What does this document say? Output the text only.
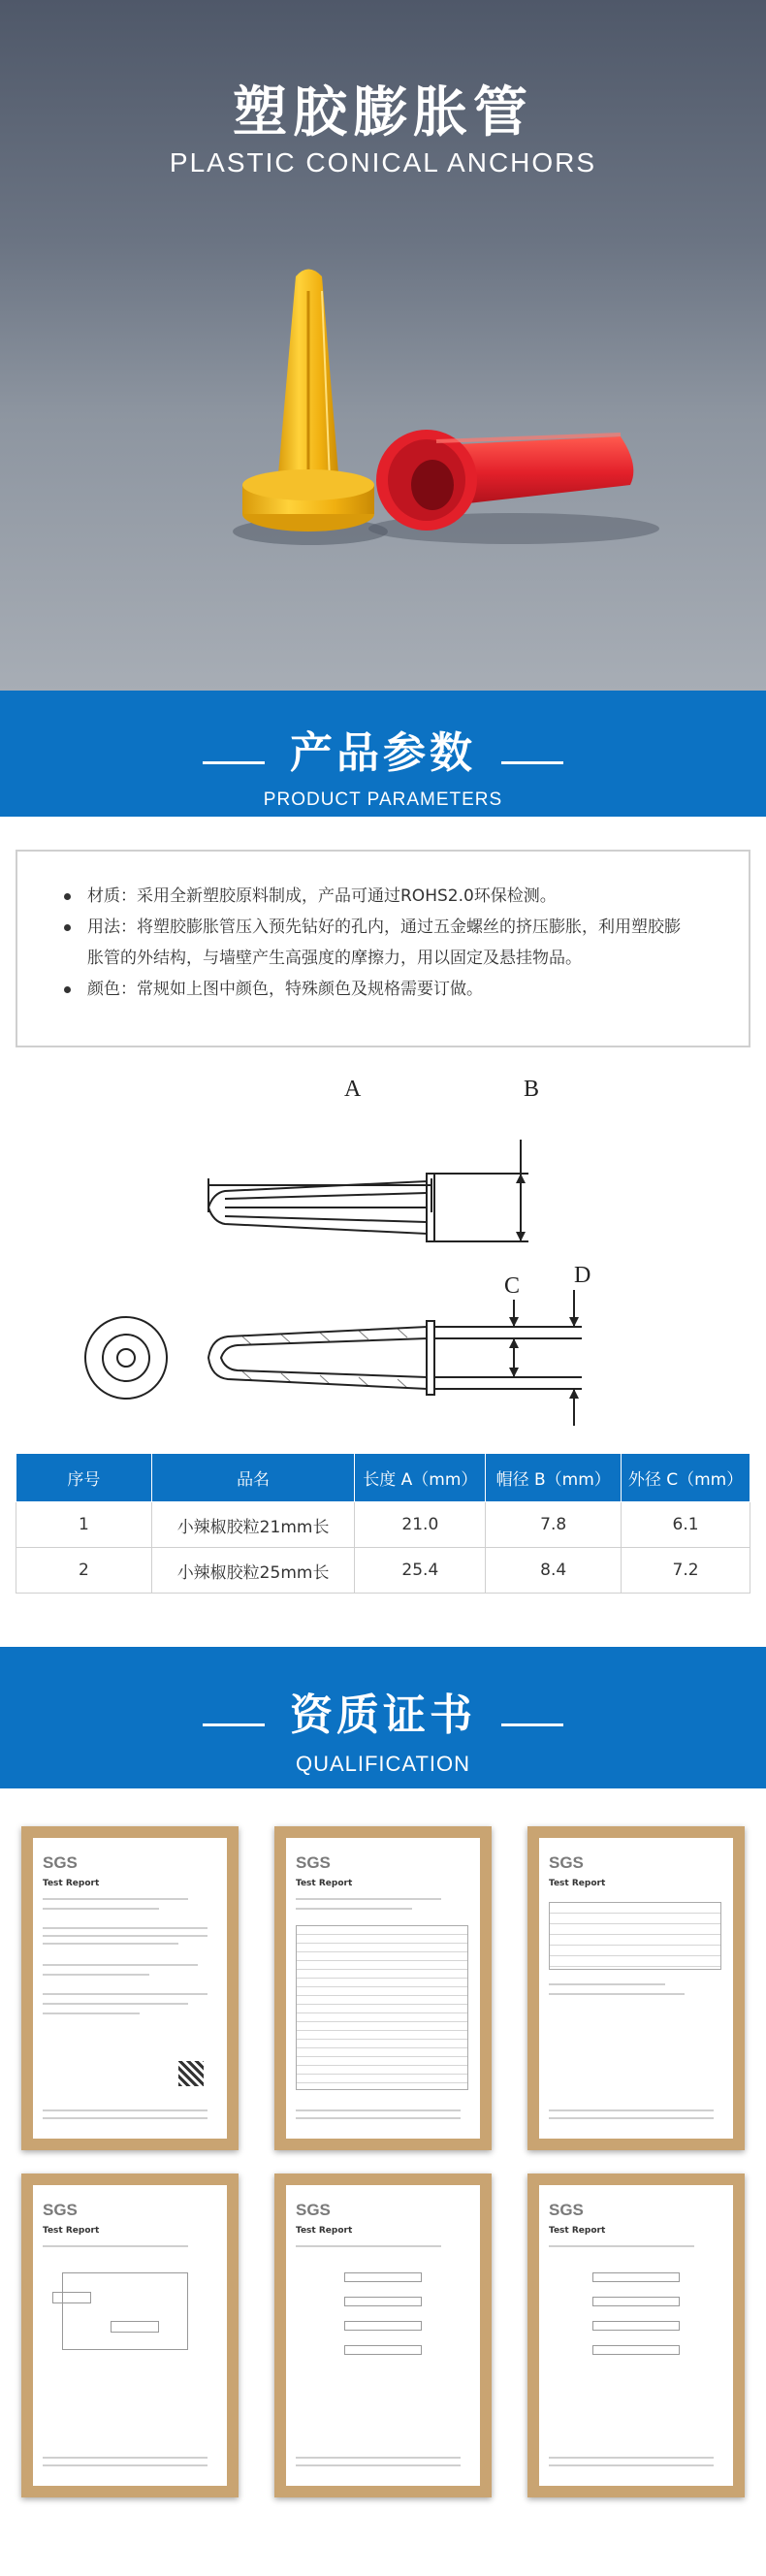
塑胶膨胀管
PLASTIC CONICAL ANCHORS
产品参数
PRODUCT PARAMETERS
材质：采用全新塑胶原料制成，产品可通过ROHS2.0环保检测。
用法：将塑胶膨胀管压入预先钻好的孔内，通过五金螺丝的挤压膨胀，利用塑胶膨
胀管的外结构，与墙壁产生高强度的摩擦力，用以固定及悬挂物品。
颜色：常规如上图中颜色，特殊颜色及规格需要订做。
A	B
C D
序号	品名	长度 A（mm）	帽径 B（mm）	外径 C（mm）
1	小辣椒胶粒21mm长	21.0	7.8	6.1
2	小辣椒胶粒25mm长	25.4	8.4	7.2
资质证书
QUALIFICATION
SGS
Test Report
SGS
Test Report
SGS
Test Report
SGS
Test Report
SGS
Test Report
SGS
Test Report
